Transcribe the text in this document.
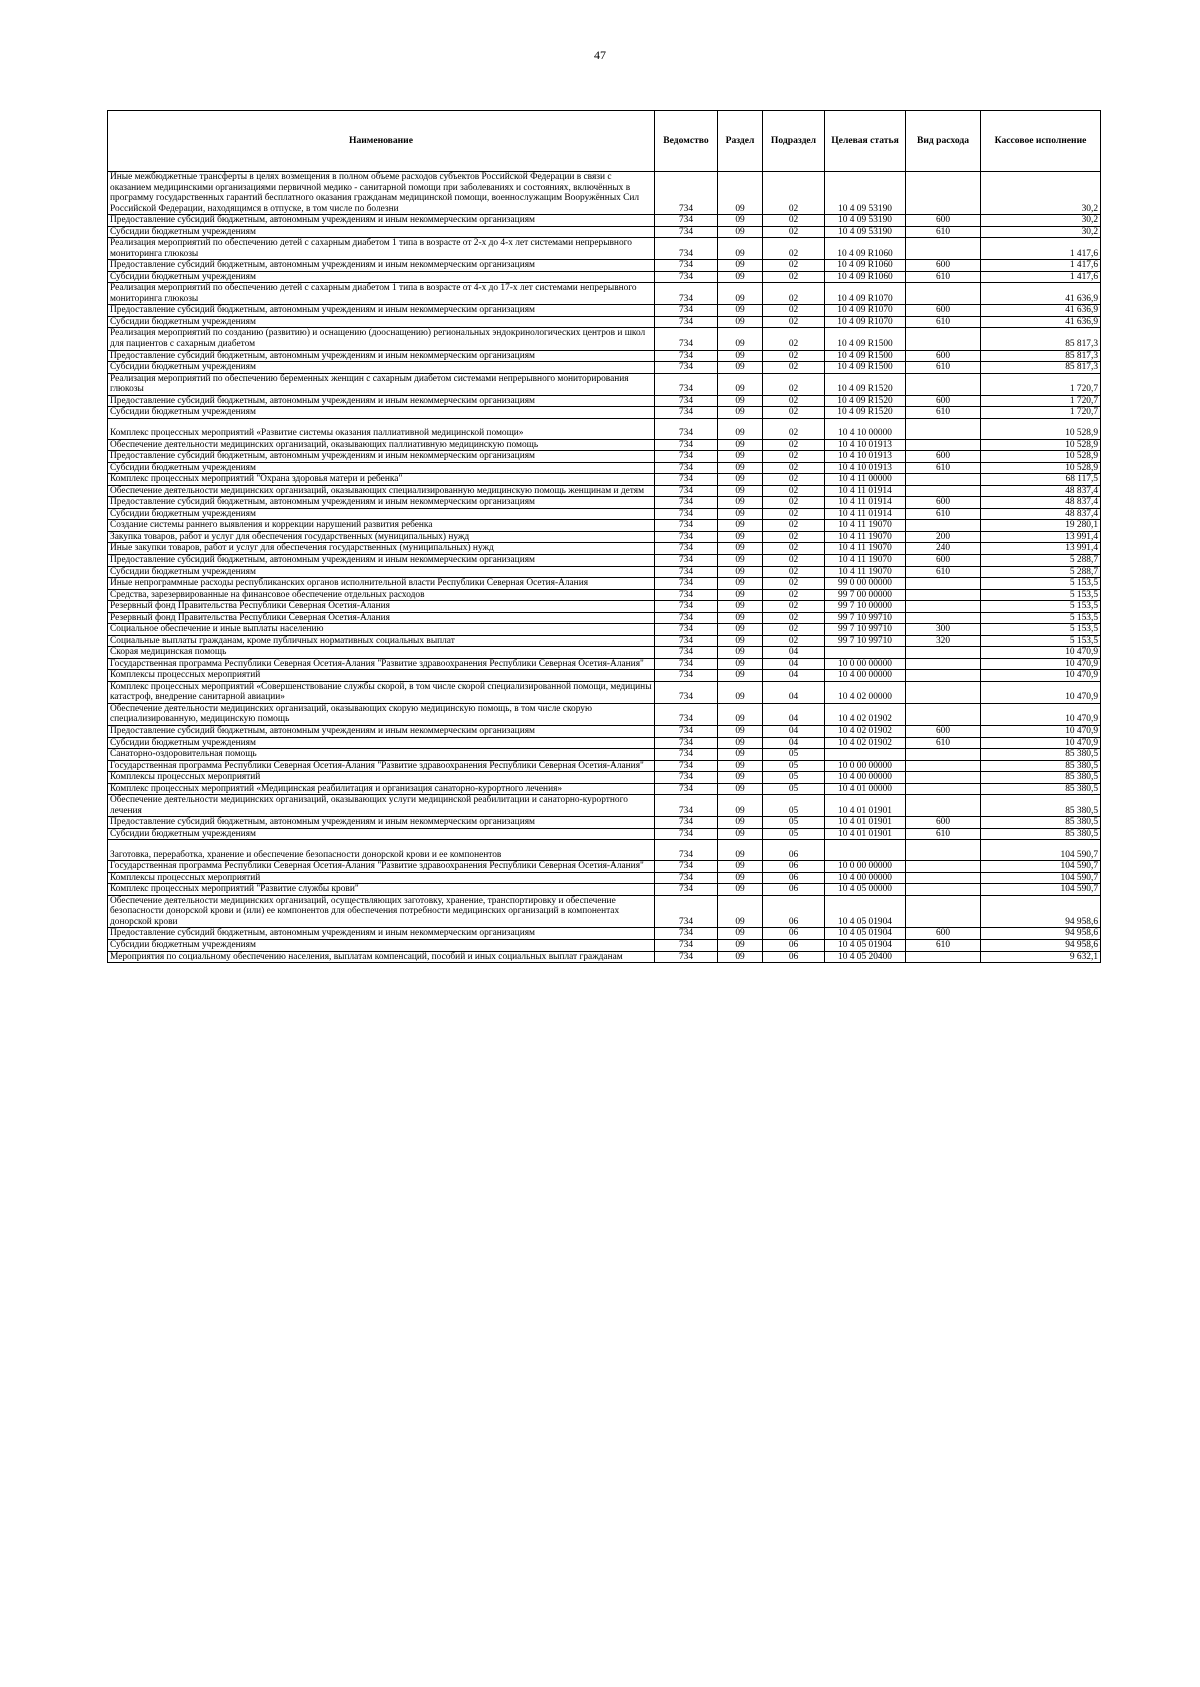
47
Наименование	Ведомство	Раздел	Подраздел	Целевая статья	Вид расхода	Кассовое исполнение
Иные межбюджетные трансферты в целях возмещения в полном объеме расходов субъектов Российской Федерации в связи с оказанием медицинскими организациями первичной медико - санитарной помощи при заболеваниях и состояниях, включённых в программу государственных гарантий бесплатного оказания гражданам медицинской помощи, военнослужащим Вооружённых Сил Российской Федерации, находящимся в отпуске, в том числе по болезни	734	09	02	10 4 09 53190		30,2
Предоставление субсидий бюджетным, автономным учреждениям и иным некоммерческим организациям	734	09	02	10 4 09 53190	600	30,2
Субсидии бюджетным учреждениям	734	09	02	10 4 09 53190	610	30,2
Реализация мероприятий по обеспечению детей с сахарным диабетом 1 типа в возрасте от 2-х до 4-х лет системами непрерывного мониторинга глюкозы	734	09	02	10 4 09 R1060		1 417,6
Предоставление субсидий бюджетным, автономным учреждениям и иным некоммерческим организациям	734	09	02	10 4 09 R1060	600	1 417,6
Субсидии бюджетным учреждениям	734	09	02	10 4 09 R1060	610	1 417,6
Реализация мероприятий по обеспечению детей с сахарным диабетом 1 типа в возрасте от 4-х до 17-х лет системами непрерывного мониторинга глюкозы	734	09	02	10 4 09 R1070		41 636,9
Предоставление субсидий бюджетным, автономным учреждениям и иным некоммерческим организациям	734	09	02	10 4 09 R1070	600	41 636,9
Субсидии бюджетным учреждениям	734	09	02	10 4 09 R1070	610	41 636,9
Реализация мероприятий по созданию (развитию) и оснащению (дооснащению) региональных эндокринологических центров и школ для пациентов с сахарным диабетом	734	09	02	10 4 09 R1500		85 817,3
Предоставление субсидий бюджетным, автономным учреждениям и иным некоммерческим организациям	734	09	02	10 4 09 R1500	600	85 817,3
Субсидии бюджетным учреждениям	734	09	02	10 4 09 R1500	610	85 817,3
Реализация мероприятий по обеспечению беременных женщин с сахарным диабетом системами непрерывного мониторирования глюкозы	734	09	02	10 4 09 R1520		1 720,7
Предоставление субсидий бюджетным, автономным учреждениям и иным некоммерческим организациям	734	09	02	10 4 09 R1520	600	1 720,7
Субсидии бюджетным учреждениям	734	09	02	10 4 09 R1520	610	1 720,7
Комплекс процессных мероприятий «Развитие системы оказания паллиативной медицинской помощи»	734	09	02	10 4 10 00000		10 528,9
Обеспечение деятельности медицинских организаций, оказывающих паллиативную медицинскую помощь	734	09	02	10 4 10 01913		10 528,9
Предоставление субсидий бюджетным, автономным учреждениям и иным некоммерческим организациям	734	09	02	10 4 10 01913	600	10 528,9
Субсидии бюджетным учреждениям	734	09	02	10 4 10 01913	610	10 528,9
Комплекс процессных мероприятий "Охрана здоровья матери и ребенка"	734	09	02	10 4 11 00000		68 117,5
Обеспечение деятельности медицинских организаций, оказывающих специализированную медицинскую помощь женщинам и детям	734	09	02	10 4 11 01914		48 837,4
Предоставление субсидий бюджетным, автономным учреждениям и иным некоммерческим организациям	734	09	02	10 4 11 01914	600	48 837,4
Субсидии бюджетным учреждениям	734	09	02	10 4 11 01914	610	48 837,4
Создание системы раннего выявления и коррекции нарушений развития ребенка	734	09	02	10 4 11 19070		19 280,1
Закупка товаров, работ и услуг для обеспечения государственных (муниципальных) нужд	734	09	02	10 4 11 19070	200	13 991,4
Иные закупки товаров, работ и услуг для обеспечения государственных (муниципальных) нужд	734	09	02	10 4 11 19070	240	13 991,4
Предоставление субсидий бюджетным, автономным учреждениям и иным некоммерческим организациям	734	09	02	10 4 11 19070	600	5 288,7
Субсидии бюджетным учреждениям	734	09	02	10 4 11 19070	610	5 288,7
Иные непрограммные расходы республиканских органов исполнительной власти Республики Северная Осетия-Алания	734	09	02	99 0 00 00000		5 153,5
Средства, зарезервированные на финансовое обеспечение отдельных расходов	734	09	02	99 7 00 00000		5 153,5
Резервный фонд Правительства Республики Северная Осетия-Алания	734	09	02	99 7 10 00000		5 153,5
Резервный фонд Правительства Республики Северная Осетия-Алания	734	09	02	99 7 10 99710		5 153,5
Социальное обеспечение и иные выплаты населению	734	09	02	99 7 10 99710	300	5 153,5
Социальные выплаты гражданам, кроме публичных нормативных социальных выплат	734	09	02	99 7 10 99710	320	5 153,5
Скорая медицинская помощь	734	09	04			10 470,9
Государственная программа Республики Северная Осетия-Алания "Развитие здравоохранения Республики Северная Осетия-Алания"	734	09	04	10 0 00 00000		10 470,9
Комплексы процессных мероприятий	734	09	04	10 4 00 00000		10 470,9
Комплекс процессных мероприятий «Совершенствование службы скорой, в том числе скорой специализированной помощи, медицины катастроф, внедрение санитарной авиации»	734	09	04	10 4 02 00000		10 470,9
Обеспечение деятельности медицинских организаций, оказывающих скорую медицинскую помощь, в том числе скорую специализированную, медицинскую помощь	734	09	04	10 4 02 01902		10 470,9
Предоставление субсидий бюджетным, автономным учреждениям и иным некоммерческим организациям	734	09	04	10 4 02 01902	600	10 470,9
Субсидии бюджетным учреждениям	734	09	04	10 4 02 01902	610	10 470,9
Санаторно-оздоровительная помощь	734	09	05			85 380,5
Государственная программа Республики Северная Осетия-Алания "Развитие здравоохранения Республики Северная Осетия-Алания"	734	09	05	10 0 00 00000		85 380,5
Комплексы процессных мероприятий	734	09	05	10 4 00 00000		85 380,5
Комплекс процессных мероприятий «Медицинская реабилитация и организация санаторно-курортного лечения»	734	09	05	10 4 01 00000		85 380,5
Обеспечение деятельности медицинских организаций, оказывающих услуги медицинской реабилитации и санаторно-курортного лечения	734	09	05	10 4 01 01901		85 380,5
Предоставление субсидий бюджетным, автономным учреждениям и иным некоммерческим организациям	734	09	05	10 4 01 01901	600	85 380,5
Субсидии бюджетным учреждениям	734	09	05	10 4 01 01901	610	85 380,5
Заготовка, переработка, хранение и обеспечение безопасности донорской крови и ее компонентов	734	09	06			104 590,7
Государственная программа Республики Северная Осетия-Алания "Развитие здравоохранения Республики Северная Осетия-Алания"	734	09	06	10 0 00 00000		104 590,7
Комплексы процессных мероприятий	734	09	06	10 4 00 00000		104 590,7
Комплекс процессных мероприятий "Развитие службы крови"	734	09	06	10 4 05 00000		104 590,7
Обеспечение деятельности медицинских организаций, осуществляющих заготовку, хранение, транспортировку и обеспечение безопасности донорской крови и (или) ее компонентов для обеспечения потребности медицинских организаций в компонентах донорской крови	734	09	06	10 4 05 01904		94 958,6
Предоставление субсидий бюджетным, автономным учреждениям и иным некоммерческим организациям	734	09	06	10 4 05 01904	600	94 958,6
Субсидии бюджетным учреждениям	734	09	06	10 4 05 01904	610	94 958,6
Мероприятия по социальному обеспечению населения, выплатам компенсаций, пособий и иных социальных выплат гражданам	734	09	06	10 4 05 20400		9 632,1
